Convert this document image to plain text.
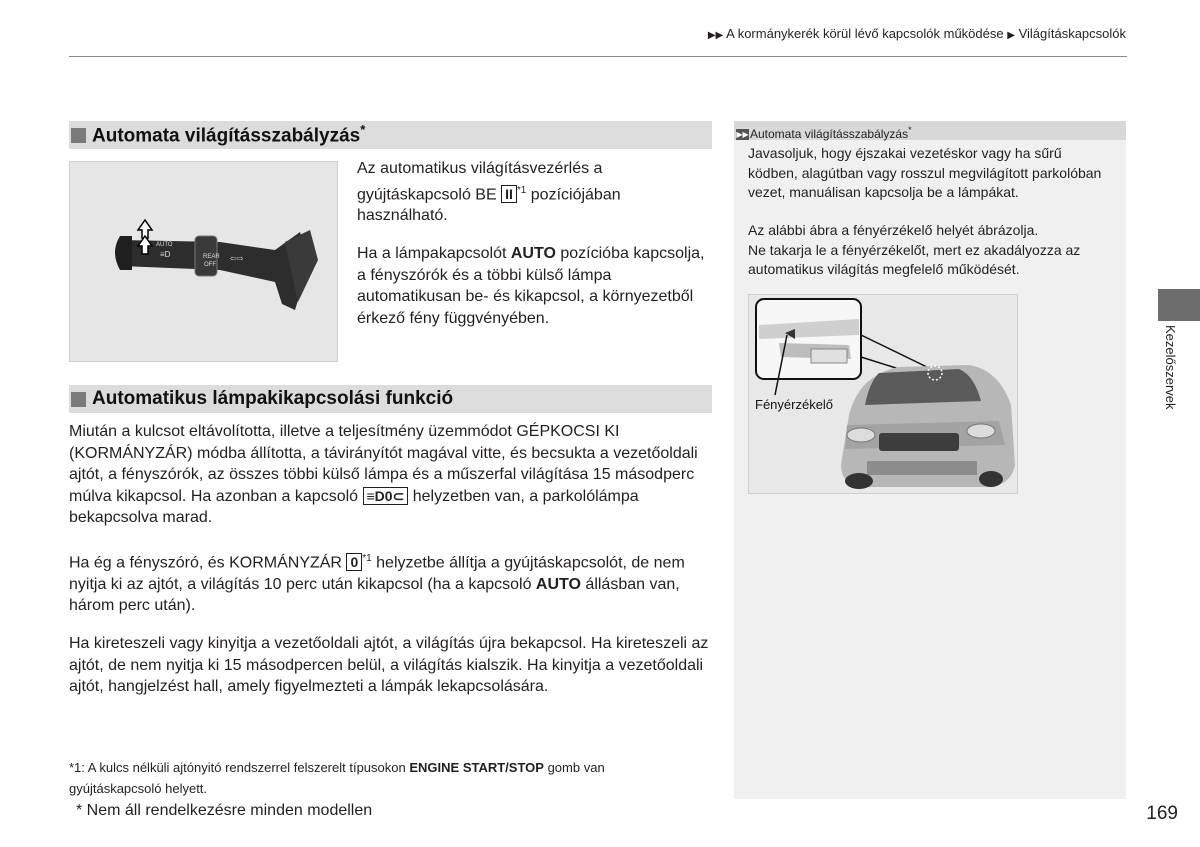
▶▶ A kormánykerék körül lévő kapcsolók működése ▶ Világításkapcsolók
Automata világításszabályzás*
AUTO
REAR
OFF
≡D	⇦⇨
Az automatikus világításvezérlés a gyújtáskapcsoló BE II $^{*1}$ pozíciójában használható.
Ha a lámpakapcsolót AUTO pozícióba kapcsolja, a fényszórók és a többi külső lámpa automatikusan be- és kikapcsol, a környezetből érkező fény függvényében.
Automatikus lámpakikapcsolási funkció
Miután a kulcsot eltávolította, illetve a teljesítmény üzemmódot GÉPKOCSI KI (KORMÁNYZÁR) módba állította, a távirányítót magával vitte, és becsukta a vezetőoldali ajtót, a fényszórók, az összes többi külső lámpa és a műszerfal világítása 15 másodperc múlva kikapcsol. Ha azonban a kapcsoló ≡D0⊂ helyzetben van, a parkolólámpa bekapcsolva marad.
Ha ég a fényszóró, és KORMÁNYZÁR 0 $^{*1}$ helyzetbe állítja a gyújtáskapcsolót, de nem nyitja ki az ajtót, a világítás 10 perc után kikapcsol (ha a kapcsoló AUTO állásban van, három perc után).
Ha kireteszeli vagy kinyitja a vezetőoldali ajtót, a világítás újra bekapcsol. Ha kireteszeli az ajtót, de nem nyitja ki 15 másodpercen belül, a világítás kialszik. Ha kinyitja a vezetőoldali ajtót, hangjelzést hall, amely figyelmezteti a lámpák lekapcsolására.
▶▶Automata világításszabályzás*
Javasoljuk, hogy éjszakai vezetéskor vagy ha sűrű ködben, alagútban vagy rosszul megvilágított parkolóban vezet, manuálisan kapcsolja be a lámpákat.
Az alábbi ábra a fényérzékelő helyét ábrázolja.
Ne takarja le a fényérzékelőt, mert ez akadályozza az automatikus világítás megfelelő működését.
Fényérzékelő	Kezelőszervek
*1: A kulcs nélküli ajtónyitó rendszerrel felszerelt típusokon ENGINE START/STOP gomb van gyújtáskapcsoló helyett.
* Nem áll rendelkezésre minden modellen	169
